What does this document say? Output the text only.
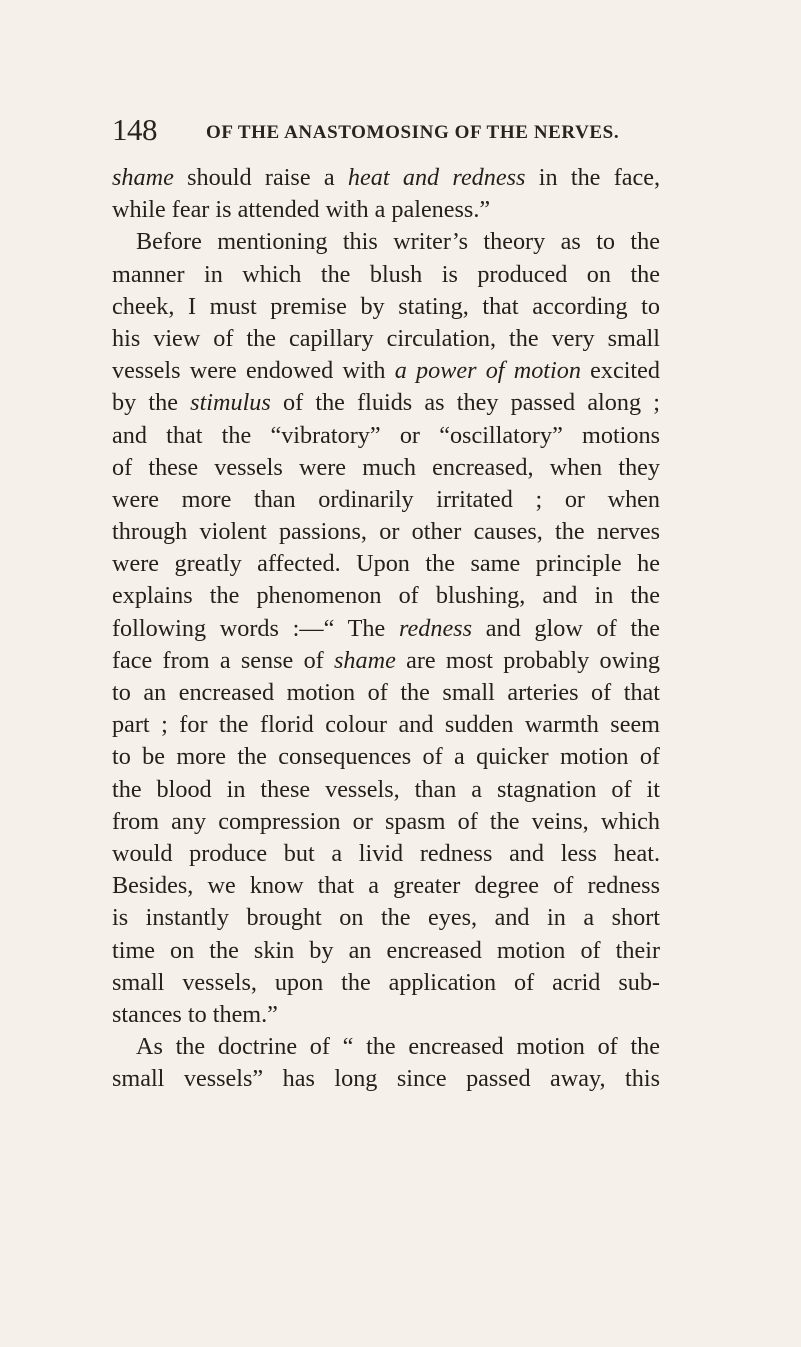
148	OF THE ANASTOMOSING OF THE NERVES.
shame should raise a heat and redness in the face,
while fear is attended with a paleness.”
Before mentioning this writer’s theory as to the
manner in which the blush is produced on the
cheek, I must premise by stating, that according to
his view of the capillary circulation, the very small
vessels were endowed with a power of motion excited
by the stimulus of the fluids as they passed along ;
and that the “vibratory” or “oscillatory” motions
of these vessels were much encreased, when they
were more than ordinarily irritated ; or when
through violent passions, or other causes, the nerves
were greatly affected. Upon the same principle he
explains the phenomenon of blushing, and in the
following words :—“ The redness and glow of the
face from a sense of shame are most probably owing
to an encreased motion of the small arteries of that
part ; for the florid colour and sudden warmth seem
to be more the consequences of a quicker motion of
the blood in these vessels, than a stagnation of it
from any compression or spasm of the veins, which
would produce but a livid redness and less heat.
Besides, we know that a greater degree of redness
is instantly brought on the eyes, and in a short
time on the skin by an encreased motion of their
small vessels, upon the application of acrid sub-
stances to them.”
As the doctrine of “ the encreased motion of the
small vessels” has long since passed away, this
